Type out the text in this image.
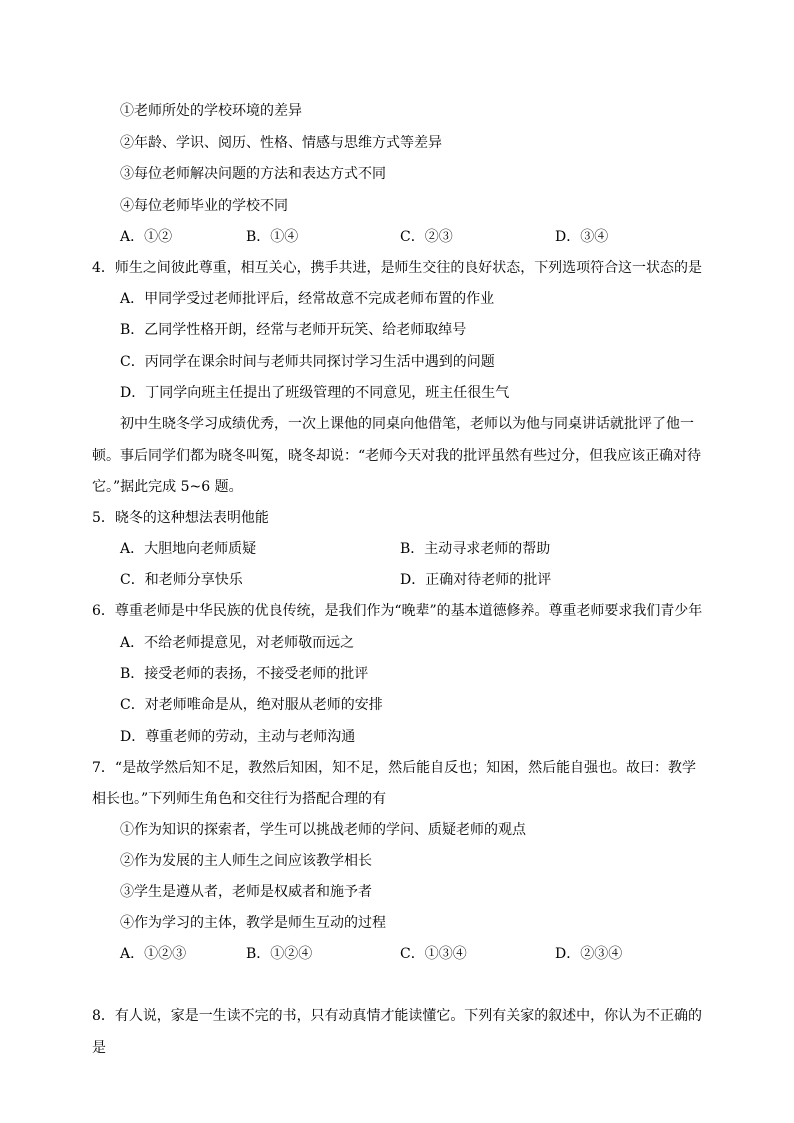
①老师所处的学校环境的差异
②年龄、学识、阅历、性格、情感与思维方式等差异
③每位老师解决问题的方法和表达方式不同
④每位老师毕业的学校不同
A．①②	B．①④	C．②③	D．③④
4．师生之间彼此尊重，相互关心，携手共进，是师生交往的良好状态，下列选项符合这一状态的是
A．甲同学受过老师批评后，经常故意不完成老师布置的作业
B．乙同学性格开朗，经常与老师开玩笑、给老师取绰号
C．丙同学在课余时间与老师共同探讨学习生活中遇到的问题
D．丁同学向班主任提出了班级管理的不同意见，班主任很生气
初中生晓冬学习成绩优秀，一次上课他的同桌向他借笔，老师以为他与同桌讲话就批评了他一
顿。事后同学们都为晓冬叫冤，晓冬却说：“老师今天对我的批评虽然有些过分，但我应该正确对待
它。”据此完成 5~6 题。
5．晓冬的这种想法表明他能
A．大胆地向老师质疑	B．主动寻求老师的帮助
C．和老师分享快乐	D．正确对待老师的批评
6．尊重老师是中华民族的优良传统，是我们作为“晚辈”的基本道德修养。尊重老师要求我们青少年
A．不给老师提意见，对老师敬而远之
B．接受老师的表扬，不接受老师的批评
C．对老师唯命是从，绝对服从老师的安排
D．尊重老师的劳动，主动与老师沟通
7．“是故学然后知不足，教然后知困，知不足，然后能自反也；知困，然后能自强也。故曰：教学
相长也。”下列师生角色和交往行为搭配合理的有
①作为知识的探索者，学生可以挑战老师的学问、质疑老师的观点
②作为发展的主人师生之间应该教学相长
③学生是遵从者，老师是权威者和施予者
④作为学习的主体，教学是师生互动的过程
A．①②③	B．①②④	C．①③④	D．②③④
8．有人说，家是一生读不完的书，只有动真情才能读懂它。下列有关家的叙述中，你认为不正确的
是
